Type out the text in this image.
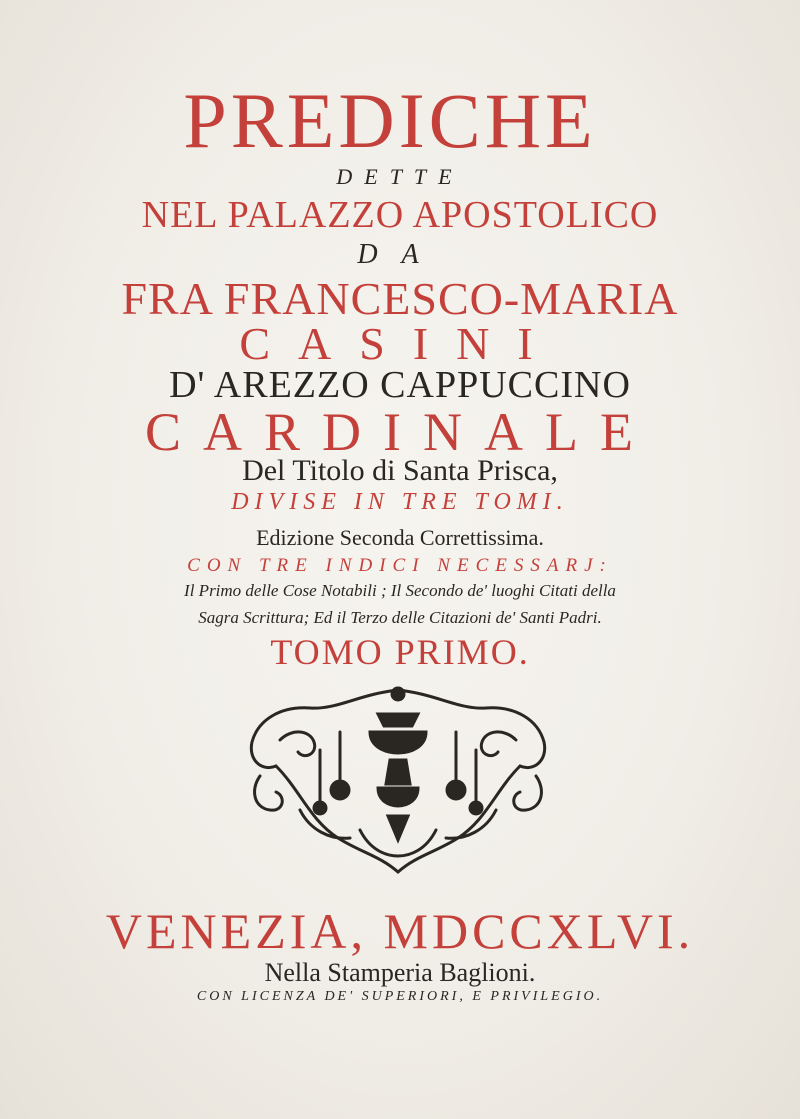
PREDICHE
DETTE
NEL PALAZZO APOSTOLICO
DA
FRA FRANCESCO-MARIA
CASINI
D' AREZZO CAPPUCCINO
CARDINALE
Del Titolo di Santa Prisca,
DIVISE IN TRE TOMI.
Edizione Seconda Correttissima.
CON TRE INDICI NECESSARJ:
Il Primo delle Cose Notabili ; Il Secondo de' luoghi Citati della
Sagra Scrittura; Ed il Terzo delle Citazioni de' Santi Padri.
TOMO PRIMO.
VENEZIA, MDCCXLVI.
Nella Stamperia Baglioni.
CON LICENZA DE' SUPERIORI, E PRIVILEGIO.
